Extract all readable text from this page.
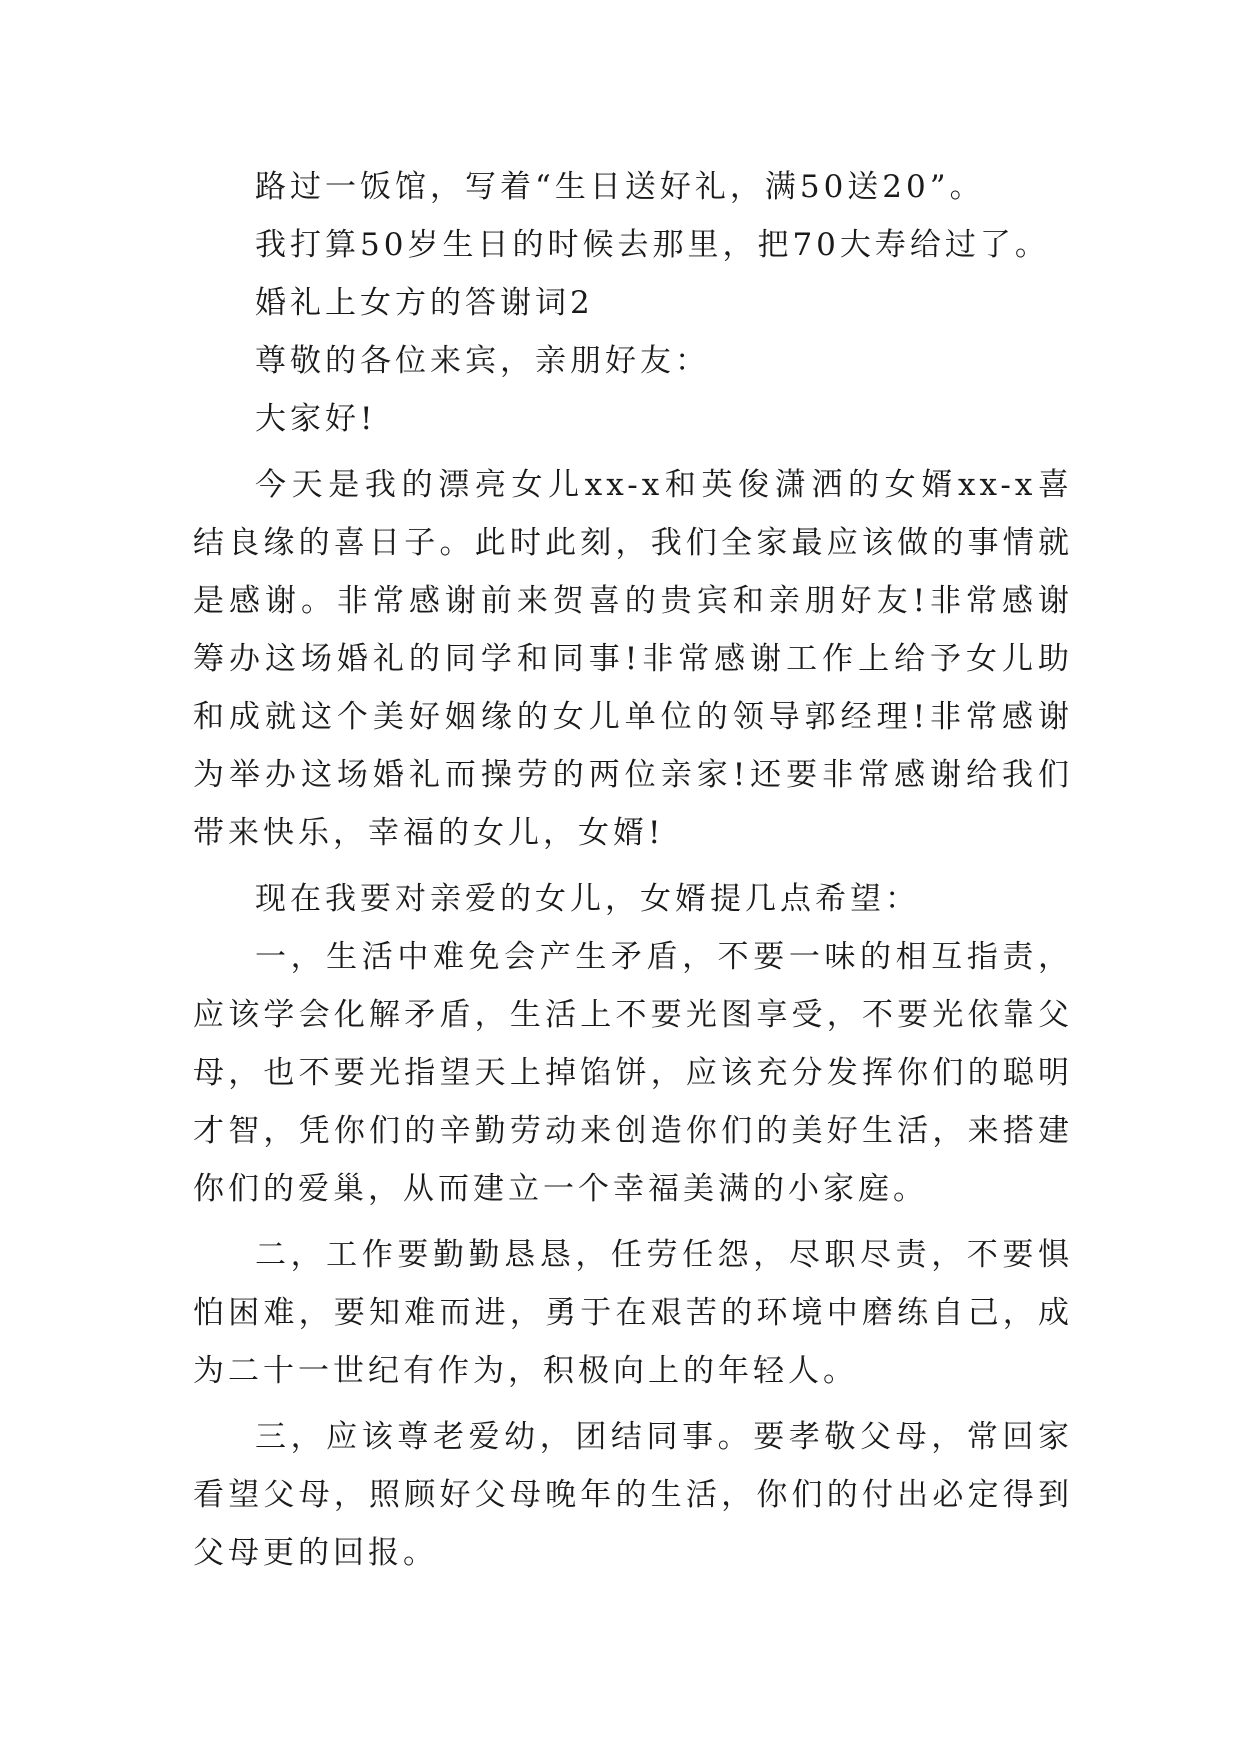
路过一饭馆，写着“生日送好礼，满50送20”。

我打算50岁生日的时候去那里，把70大寿给过了。

婚礼上女方的答谢词2

尊敬的各位来宾，亲朋好友：

大家好!

今天是我的漂亮女儿xx-x和英俊潇洒的女婿xx-x喜结良缘的喜日子。此时此刻，我们全家最应该做的事情就是感谢。非常感谢前来贺喜的贵宾和亲朋好友!非常感谢筹办这场婚礼的同学和同事!非常感谢工作上给予女儿助和成就这个美好姻缘的女儿单位的领导郭经理!非常感谢为举办这场婚礼而操劳的两位亲家!还要非常感谢给我们带来快乐，幸福的女儿，女婿!

现在我要对亲爱的女儿，女婿提几点希望：

一，生活中难免会产生矛盾，不要一味的相互指责，应该学会化解矛盾，生活上不要光图享受，不要光依靠父母，也不要光指望天上掉馅饼，应该充分发挥你们的聪明才智，凭你们的辛勤劳动来创造你们的美好生活，来搭建你们的爱巢，从而建立一个幸福美满的小家庭。

二，工作要勤勤恳恳，任劳任怨，尽职尽责，不要惧怕困难，要知难而进，勇于在艰苦的环境中磨练自己，成为二十一世纪有作为，积极向上的年轻人。

三，应该尊老爱幼，团结同事。要孝敬父母，常回家看望父母，照顾好父母晚年的生活，你们的付出必定得到父母更的回报。
